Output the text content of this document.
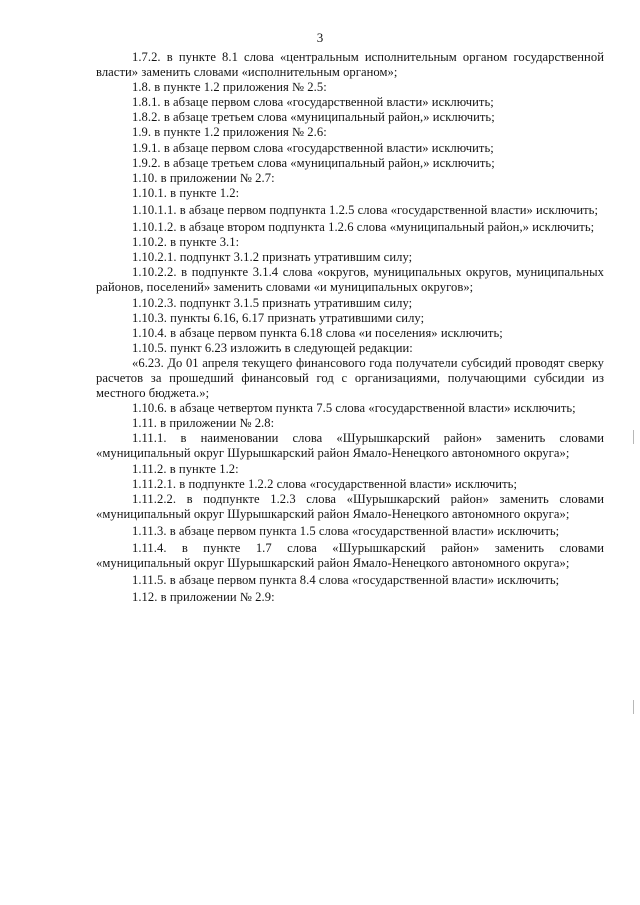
3

1.7.2. в пункте 8.1 слова «центральным исполнительным органом государственной власти» заменить словами «исполнительным органом»;

1.8. в пункте 1.2 приложения № 2.5:

1.8.1. в абзаце первом слова «государственной власти» исключить;

1.8.2. в абзаце третьем слова «муниципальный район,» исключить;

1.9. в пункте 1.2 приложения № 2.6:

1.9.1. в абзаце первом слова «государственной власти» исключить;

1.9.2. в абзаце третьем слова «муниципальный район,» исключить;

1.10. в приложении № 2.7:

1.10.1. в пункте 1.2:

1.10.1.1. в абзаце первом подпункта 1.2.5 слова «государственной власти» исключить;

1.10.1.2. в абзаце втором подпункта 1.2.6 слова «муниципальный район,» исключить;

1.10.2. в пункте 3.1:

1.10.2.1. подпункт 3.1.2 признать утратившим силу;

1.10.2.2. в подпункте 3.1.4 слова «округов, муниципальных округов, муниципальных районов, поселений» заменить словами «и муниципальных округов»;

1.10.2.3. подпункт 3.1.5 признать утратившим силу;

1.10.3. пункты 6.16, 6.17 признать утратившими силу;

1.10.4. в абзаце первом пункта 6.18 слова «и поселения» исключить;

1.10.5. пункт 6.23 изложить в следующей редакции:

«6.23. До 01 апреля текущего финансового года получатели субсидий проводят сверку расчетов за прошедший финансовый год с организациями, получающими субсидии из местного бюджета.»;

1.10.6. в абзаце четвертом пункта 7.5 слова «государственной власти» исключить;

1.11. в приложении № 2.8:

1.11.1. в наименовании слова «Шурышкарский район» заменить словами «муниципальный округ Шурышкарский район Ямало-Ненецкого автономного округа»;

1.11.2. в пункте 1.2:

1.11.2.1. в подпункте 1.2.2 слова «государственной власти» исключить;

1.11.2.2. в подпункте 1.2.3 слова «Шурышкарский район» заменить словами «муниципальный округ Шурышкарский район Ямало-Ненецкого автономного округа»;

1.11.3. в абзаце первом пункта 1.5 слова «государственной власти» исключить;

1.11.4. в пункте 1.7 слова «Шурышкарский район» заменить словами «муниципальный округ Шурышкарский район Ямало-Ненецкого автономного округа»;

1.11.5. в абзаце первом пункта 8.4 слова «государственной власти» исключить;

1.12. в приложении № 2.9:
